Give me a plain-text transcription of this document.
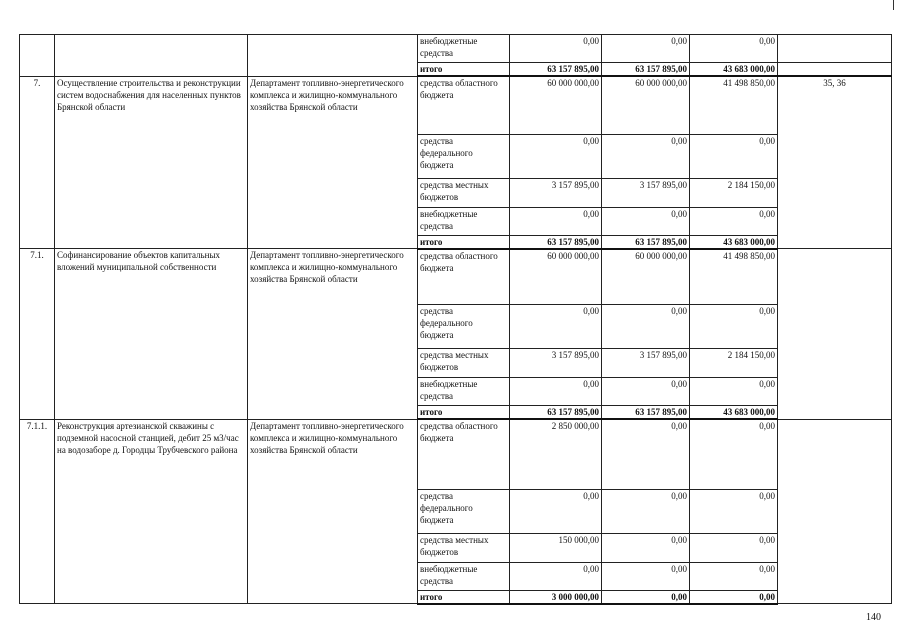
			внебюджетные средства	0,00	0,00	0,00	
			итого	63 157 895,00	63 157 895,00	43 683 000,00	
7.	Осуществление строительства и реконструкции систем водоснабжения для населенных пунктов Брянской области	Департамент топливно-энергетического комплекса и жилищно-коммунального хозяйства Брянской области	средства областного бюджета	60 000 000,00	60 000 000,00	41 498 850,00	35, 36
			средства федерального бюджета	0,00	0,00	0,00	
			средства местных бюджетов	3 157 895,00	3 157 895,00	2 184 150,00	
			внебюджетные средства	0,00	0,00	0,00	
			итого	63 157 895,00	63 157 895,00	43 683 000,00	
7.1.	Софинансирование объектов капитальных вложений муниципальной собственности	Департамент топливно-энергетического комплекса и жилищно-коммунального хозяйства Брянской области	средства областного бюджета	60 000 000,00	60 000 000,00	41 498 850,00	
			средства федерального бюджета	0,00	0,00	0,00	
			средства местных бюджетов	3 157 895,00	3 157 895,00	2 184 150,00	
			внебюджетные средства	0,00	0,00	0,00	
			итого	63 157 895,00	63 157 895,00	43 683 000,00	
7.1.1.	Реконструкция артезианской скважины с подземной насосной станцией, дебит 25 м3/час на водозаборе д. Городцы Трубчевского района	Департамент топливно-энергетического комплекса и жилищно-коммунального хозяйства Брянской области	средства областного бюджета	2 850 000,00	0,00	0,00	
			средства федерального бюджета	0,00	0,00	0,00	
			средства местных бюджетов	150 000,00	0,00	0,00	
			внебюджетные средства	0,00	0,00	0,00	
			итого	3 000 000,00	0,00	0,00	
140
